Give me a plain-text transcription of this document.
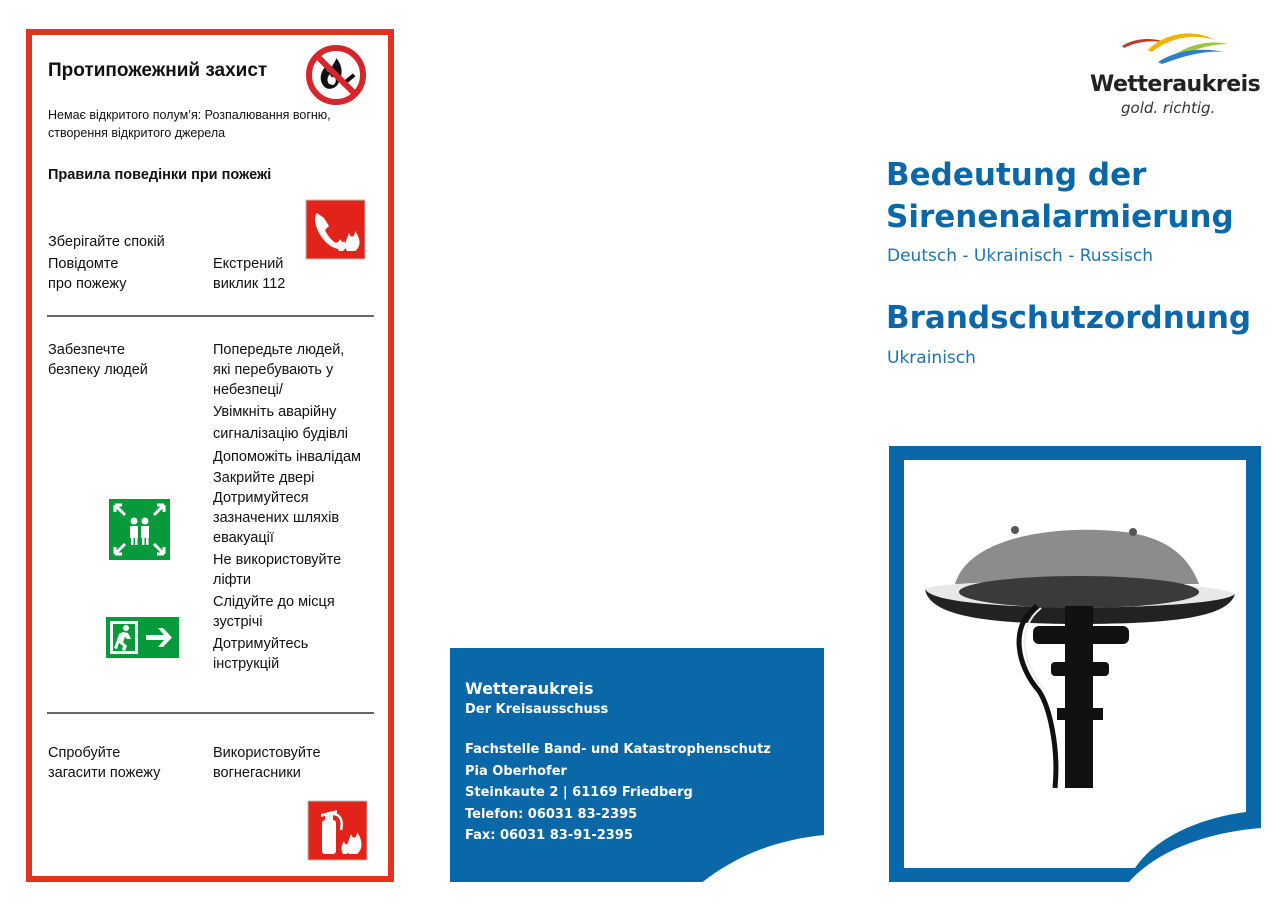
Протипожежний захист
Немає відкритого полум’я: Розпалювання вогню,
створення відкритого джерела
Правила поведінки при пожежі
Зберігайте спокій
Повідомте
про пожежу
Екстрений
виклик 112
Забезпечте
безпеку людей
Попередьте людей,
які перебувають у
небезпеці/
Увімкніть аварійну
сигналізацію будівлі
Допоможіть інвалідам
Закрийте двері
Дотримуйтеся
зазначених шляхів
евакуації
Не використовуйте
ліфти
Слідуйте до місця
зустрічі
Дотримуйтесь
інструкцій
Спробуйте
загасити пожежу
Використовуйте
вогнегасники
Wetteraukreis
Der Kreisausschuss
Fachstelle Band- und Katastrophenschutz
Pia Oberhofer
Steinkaute 2 | 61169 Friedberg
Telefon: 06031 83-2395
Fax: 06031 83-91-2395
Wetteraukreis
gold. richtig.
Bedeutung der
Sirenenalarmierung
Deutsch - Ukrainisch - Russisch
Brandschutzordnung
Ukrainisch
